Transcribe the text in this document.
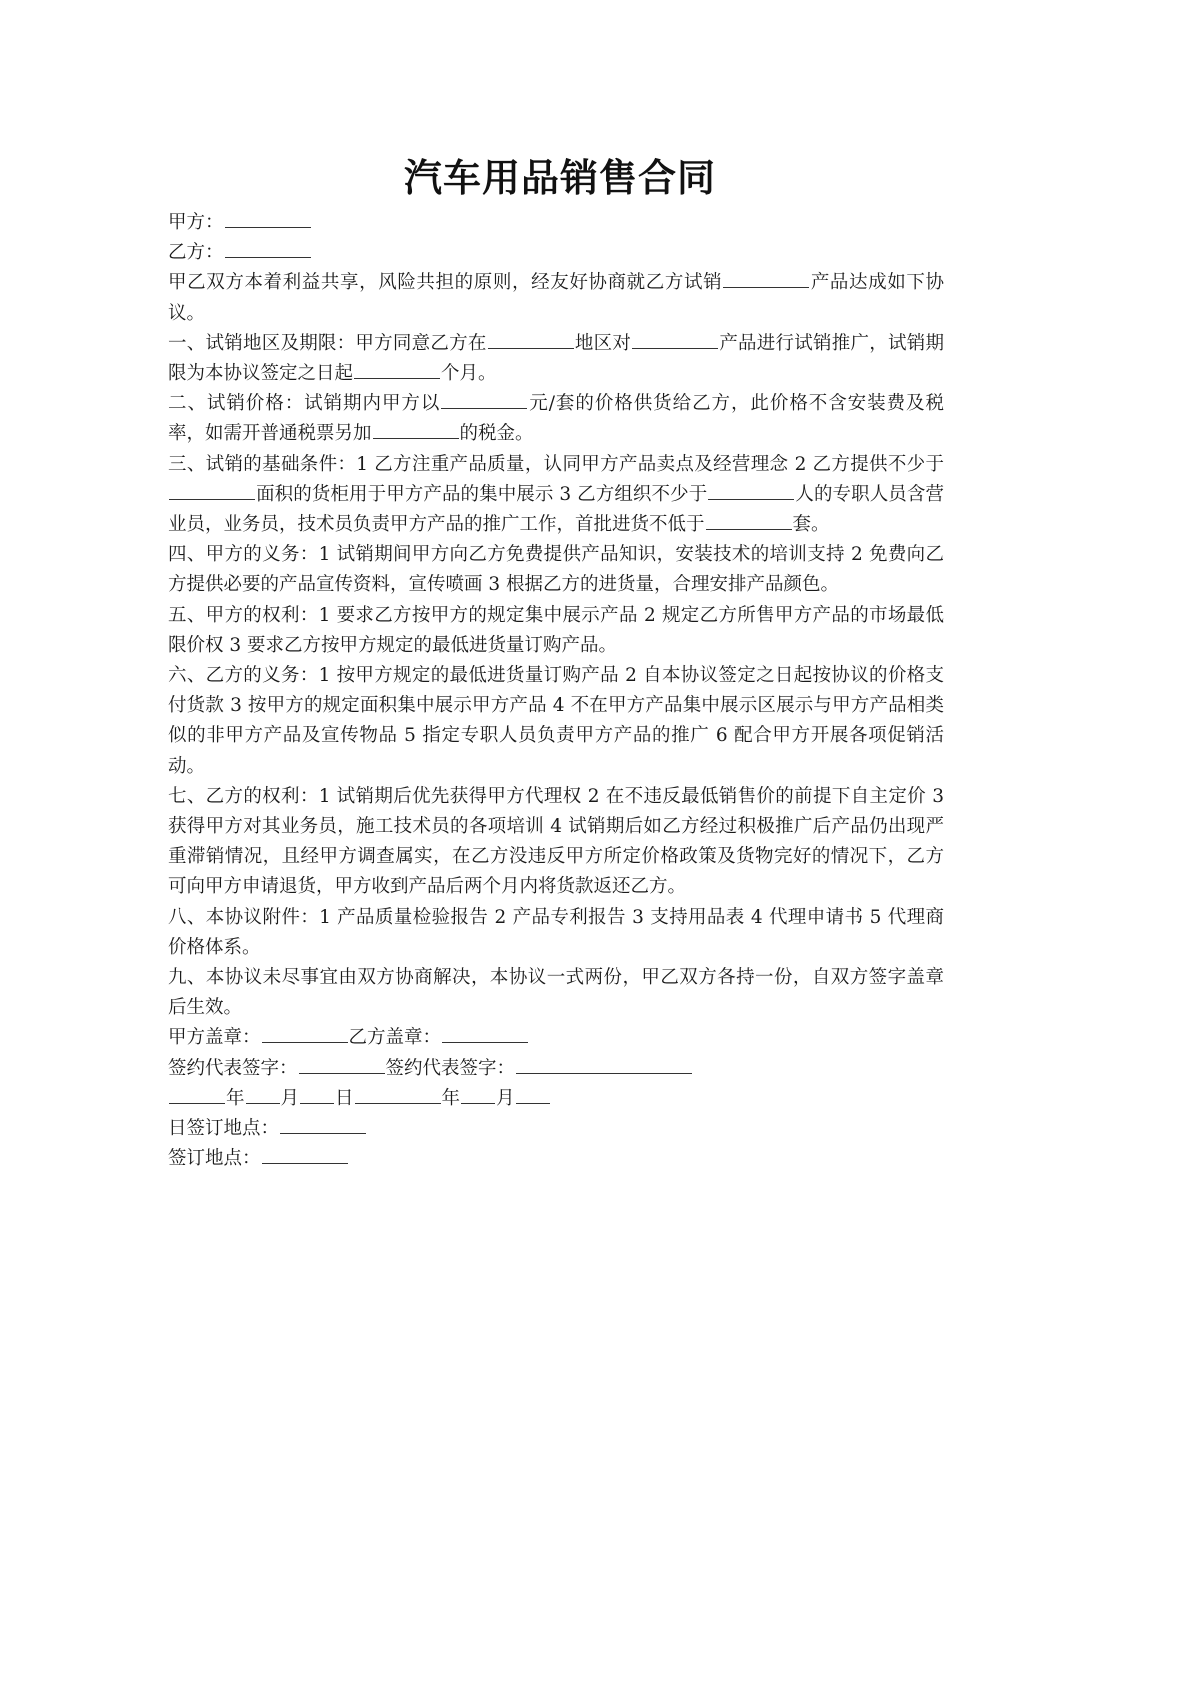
汽车用品销售合同

甲方：

乙方：

甲乙双方本着利益共享，风险共担的原则，经友好协商就乙方试销	产品达成如下协议。

一、试销地区及期限：甲方同意乙方在	地区对	产品进行试销推广，试销期限为本协议签定之日起	个月。

二、试销价格：试销期内甲方以	元/套的价格供货给乙方，此价格不含安装费及税率，如需开普通税票另加	的税金。

三、试销的基础条件：1 乙方注重产品质量，认同甲方产品卖点及经营理念 2 乙方提供不少于面积的货柜用于甲方产品的集中展示 3 乙方组织不少于	人的专职人员含营业员，业务员，技术员负责甲方产品的推广工作，首批进货不低于	套。

四、甲方的义务：1 试销期间甲方向乙方免费提供产品知识，安装技术的培训支持 2 免费向乙方提供必要的产品宣传资料，宣传喷画 3 根据乙方的进货量，合理安排产品颜色。

五、甲方的权利：1 要求乙方按甲方的规定集中展示产品 2 规定乙方所售甲方产品的市场最低限价权 3 要求乙方按甲方规定的最低进货量订购产品。

六、乙方的义务：1 按甲方规定的最低进货量订购产品 2 自本协议签定之日起按协议的价格支付货款 3 按甲方的规定面积集中展示甲方产品 4 不在甲方产品集中展示区展示与甲方产品相类似的非甲方产品及宣传物品 5 指定专职人员负责甲方产品的推广 6 配合甲方开展各项促销活动。

七、乙方的权利：1 试销期后优先获得甲方代理权 2 在不违反最低销售价的前提下自主定价 3 获得甲方对其业务员，施工技术员的各项培训 4 试销期后如乙方经过积极推广后产品仍出现严重滞销情况，且经甲方调查属实，在乙方没违反甲方所定价格政策及货物完好的情况下，乙方可向甲方申请退货，甲方收到产品后两个月内将货款返还乙方。

八、本协议附件：1 产品质量检验报告 2 产品专利报告 3 支持用品表 4 代理申请书 5 代理商价格体系。

九、本协议未尽事宜由双方协商解决，本协议一式两份，甲乙双方各持一份，自双方签字盖章后生效。

甲方盖章：	乙方盖章：

签约代表签字：	签约代表签字：

年 月 日	年 月

日签订地点：

签订地点：
